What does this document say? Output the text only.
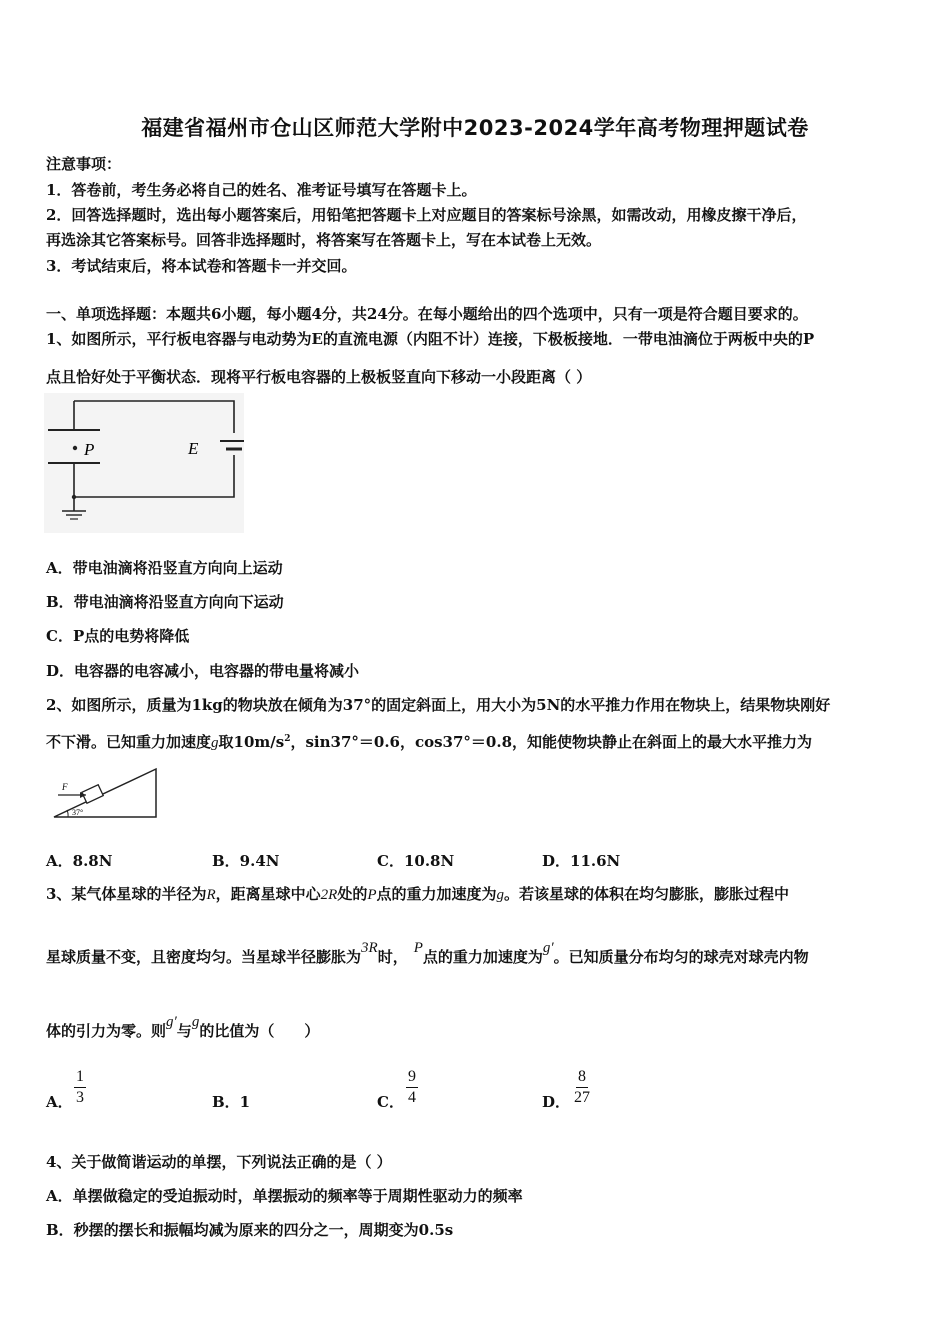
福建省福州市仓山区师范大学附中2023-2024学年高考物理押题试卷
注意事项：
1．答卷前，考生务必将自己的姓名、准考证号填写在答题卡上。
2．回答选择题时，选出每小题答案后，用铅笔把答题卡上对应题目的答案标号涂黑，如需改动，用橡皮擦干净后，
再选涂其它答案标号。回答非选择题时，将答案写在答题卡上，写在本试卷上无效。
3．考试结束后，将本试卷和答题卡一并交回。
一、单项选择题：本题共6小题，每小题4分，共24分。在每小题给出的四个选项中，只有一项是符合题目要求的。
1、如图所示，平行板电容器与电动势为E的直流电源（内阻不计）连接，下极板接地．一带电油滴位于两板中央的P
点且恰好处于平衡状态．现将平行板电容器的上极板竖直向下移动一小段距离（ ）
P	E
A．带电油滴将沿竖直方向向上运动
B．带电油滴将沿竖直方向向下运动
C．P点的电势将降低
D．电容器的电容减小，电容器的带电量将减小
2、如图所示，质量为1kg的物块放在倾角为37°的固定斜面上，用大小为5N的水平推力作用在物块上，结果物块刚好
不下滑。已知重力加速度g取$10m/s^2$，sin37°＝0.6，cos37°＝0.8，知能使物块静止在斜面上的最大水平推力为
F
37°
A．8.8N	B．9.4N	C．10.8N	D．11.6N
3、某气体星球的半径为R，距离星球中心2R处的P点的重力加速度为g。若该星球的体积在均匀膨胀，膨胀过程中
星球质量不变，且密度均匀。当星球半径膨胀为3R时， P点的重力加速度为g′。已知质量分布均匀的球壳对球壳内物
体的引力为零。则g′与g的比值为（　　）
A． $\frac{1}{3}$	B．1	C． $\frac{9}{4}$	D． $\frac{8}{27}$
4、关于做简谐运动的单摆，下列说法正确的是（ ）
A．单摆做稳定的受迫振动时，单摆振动的频率等于周期性驱动力的频率
B．秒摆的摆长和振幅均减为原来的四分之一，周期变为0.5s
